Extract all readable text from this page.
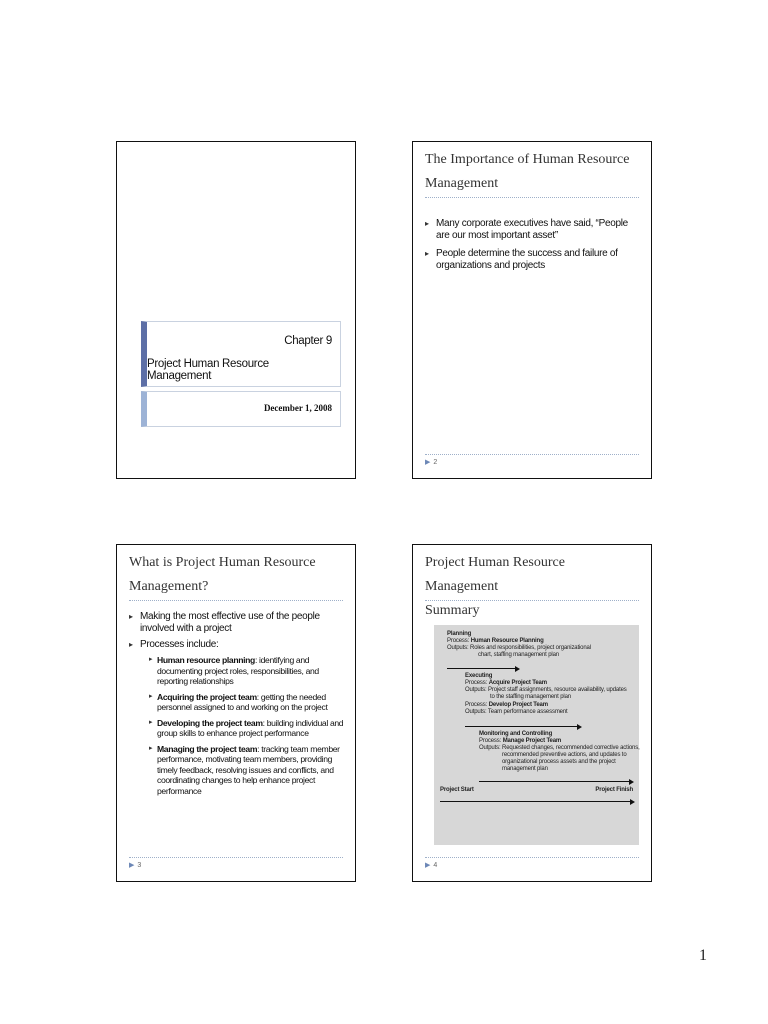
Chapter 9
Project Human Resource Management
December 1, 2008
The Importance of Human Resource
Management
▸ Many corporate executives have said, “People are our most important asset”
▸ People determine the success and failure of organizations and projects
▶ 2
What is Project Human Resource
Management?
▸ Making the most effective use of the people involved with a project
▸ Processes include:
▸ Human resource planning: identifying and documenting project roles, responsibilities, and reporting relationships
▸ Acquiring the project team: getting the needed personnel assigned to and working on the project
▸ Developing the project team: building individual and group skills to enhance project performance
▸ Managing the project team: tracking team member performance, motivating team members, providing timely feedback, resolving issues and conflicts, and coordinating changes to help enhance project performance
▶ 3
Project Human Resource Management
Summary
Planning
Process: Human Resource Planning
Outputs: Roles and responsibilities, project organizational
chart, staffing management plan
Executing
Process: Acquire Project Team
Outputs: Project staff assignments, resource availability, updates
to the staffing management plan
Process: Develop Project Team
Outputs: Team performance assessment
Monitoring and Controlling
Process: Manage Project Team
Outputs: Requested changes, recommended corrective actions,
recommended preventive actions, and updates to
organizational process assets and the project
management plan
Project Start	Project Finish
▶ 4
1
